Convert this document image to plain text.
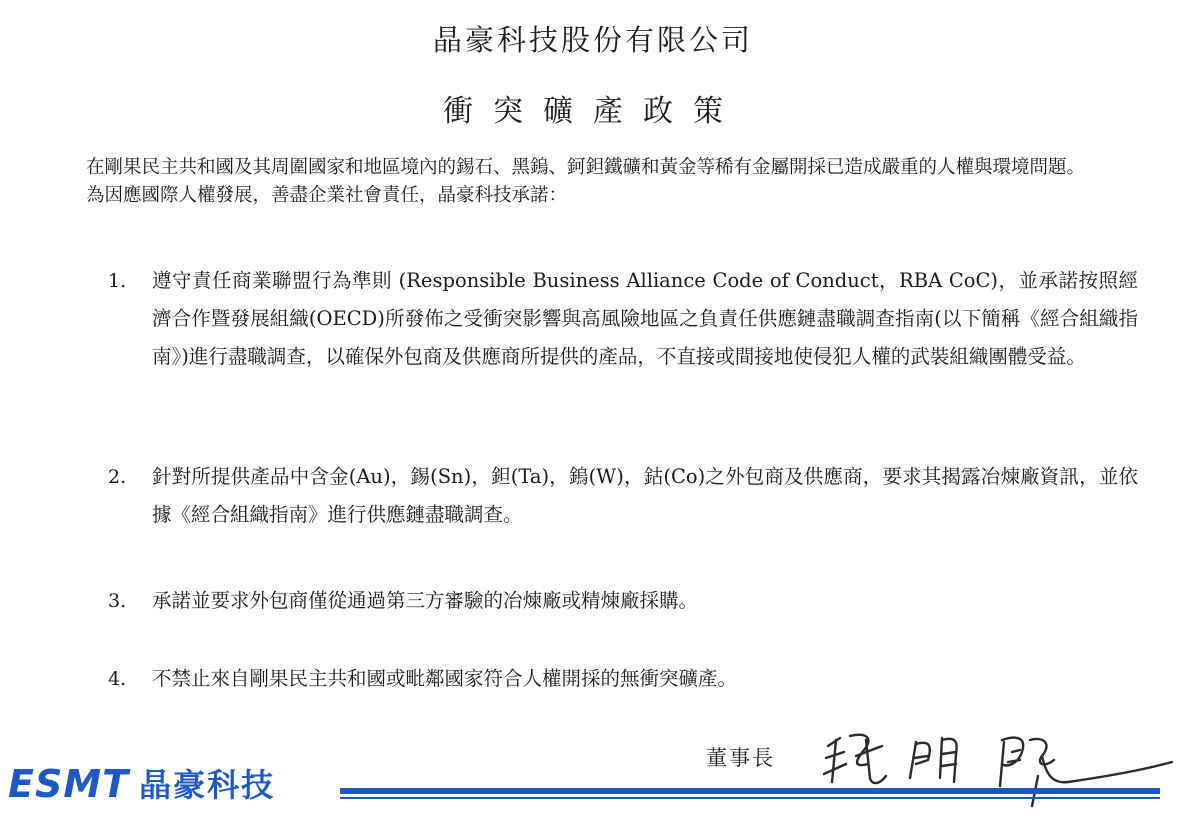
晶豪科技股份有限公司
衝突礦產政策

在剛果民主共和國及其周圍國家和地區境內的錫石、黑鎢、鈳鉭鐵礦和黃金等稀有金屬開採已造成嚴重的人權與環境問題。

為因應國際人權發展，善盡企業社會責任，晶豪科技承諾：

1. 遵守責任商業聯盟行為準則 (Responsible Business Alliance Code of Conduct，RBA CoC)，並承諾按照經濟合作暨發展組織(OECD)所發佈之受衝突影響與高風險地區之負責任供應鏈盡職調查指南(以下簡稱《經合組織指南》)進行盡職調查，以確保外包商及供應商所提供的產品，不直接或間接地使侵犯人權的武裝組織團體受益。
2. 針對所提供產品中含金(Au)，錫(Sn)，鉭(Ta)，鎢(W)，鈷(Co)之外包商及供應商，要求其揭露冶煉廠資訊，並依據《經合組織指南》進行供應鏈盡職調查。
3. 承諾並要求外包商僅從通過第三方審驗的冶煉廠或精煉廠採購。
4. 不禁止來自剛果民主共和國或毗鄰國家符合人權開採的無衝突礦產。
董事長
ESMT 晶豪科技
